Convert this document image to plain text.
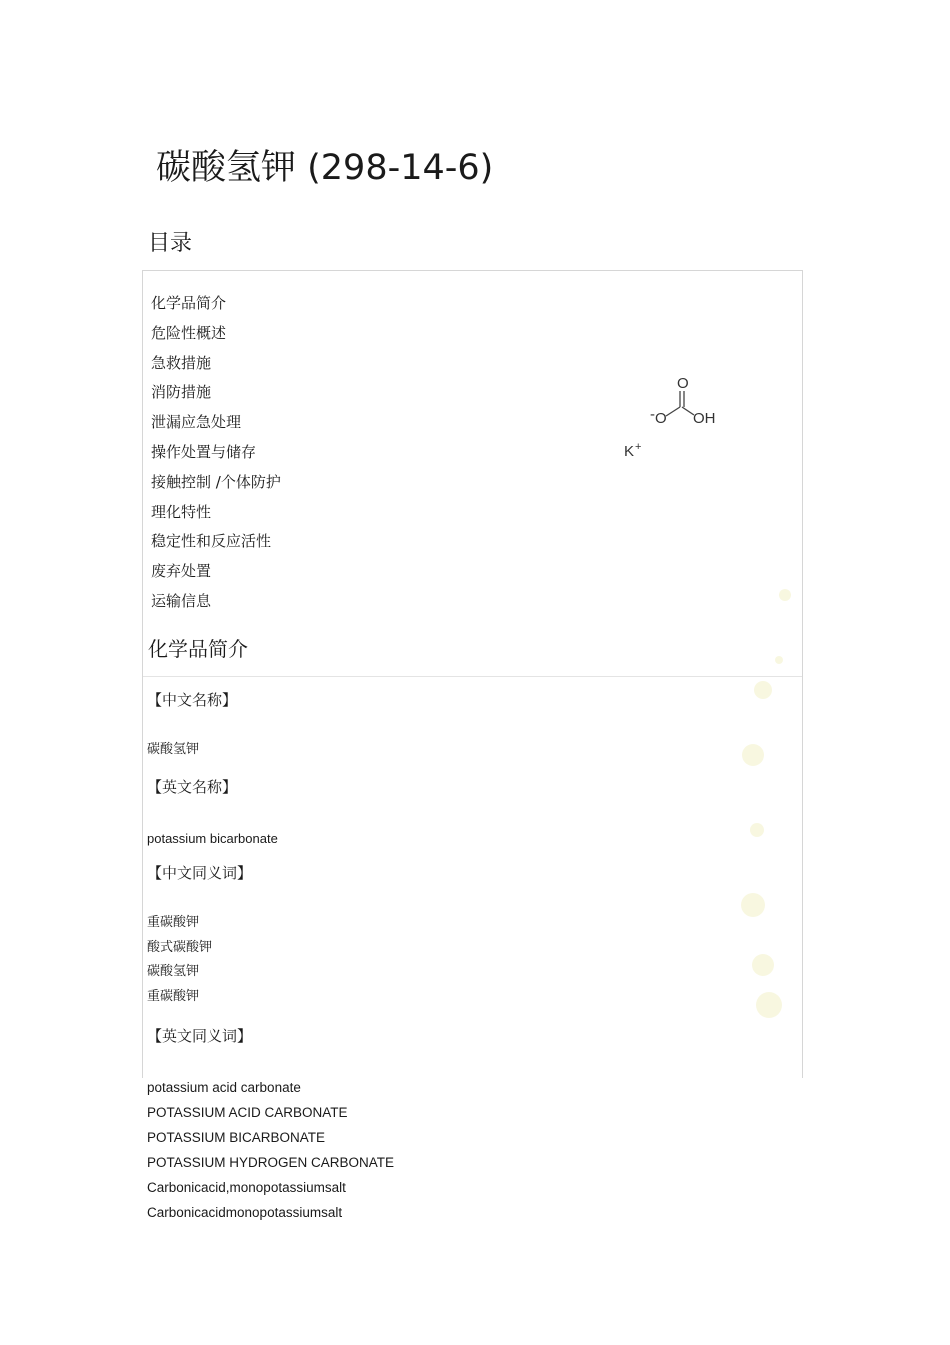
碳酸氢钾 (298-14-6)
目录
化学品简介
危险性概述
急救措施
消防措施
泄漏应急处理
操作处置与储存
接触控制 /个体防护
理化特性
稳定性和反应活性
废弃处置
运输信息
O
- O OH
K +
化学品简介
【中文名称】
碳酸氢钾
【英文名称】
potassium bicarbonate
【中文同义词】
重碳酸钾
酸式碳酸钾
碳酸氢钾
重碳酸钾
【英文同义词】
potassium acid carbonate
POTASSIUM ACID CARBONATE
POTASSIUM BICARBONATE
POTASSIUM HYDROGEN CARBONATE
Carbonicacid,monopotassiumsalt
Carbonicacidmonopotassiumsalt
